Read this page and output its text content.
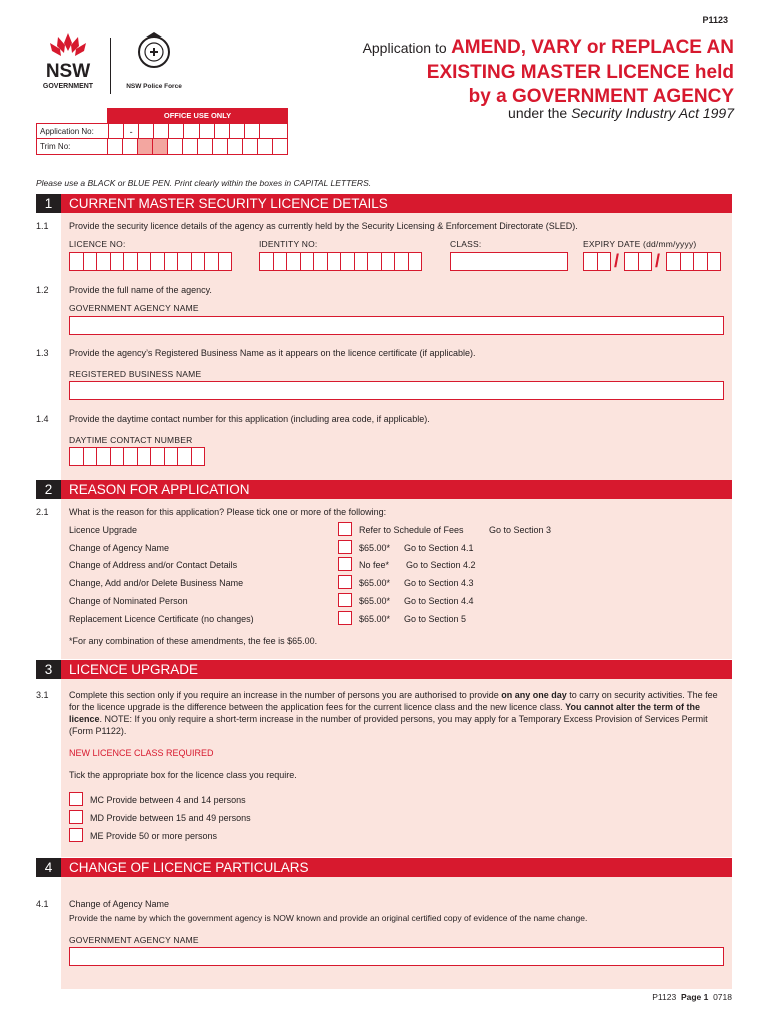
P1123
NSW
GOVERNMENT	NSW Police Force
Application to AMEND, VARY or REPLACE AN
EXISTING MASTER LICENCE held
by a GOVERNMENT AGENCY
under the Security Industry Act 1997
OFFICE USE ONLY
Application No:	-
Trim No:
Please use a BLACK or BLUE PEN. Print clearly within the boxes in CAPITAL LETTERS.
1 CURRENT MASTER SECURITY LICENCE DETAILS
1.1	Provide the security licence details of the agency as currently held by the Security Licensing & Enforcement Directorate (SLED).
LICENCE NO:	IDENTITY NO:	CLASS:	EXPIRY DATE (dd/mm/yyyy)
/ /
1.2	Provide the full name of the agency.
GOVERNMENT AGENCY NAME
1.3	Provide the agency’s Registered Business Name as it appears on the licence certificate (if applicable).
REGISTERED BUSINESS NAME
1.4	Provide the daytime contact number for this application (including area code, if applicable).
DAYTIME CONTACT NUMBER
2 REASON FOR APPLICATION
2.1	What is the reason for this application? Please tick one or more of the following:
Licence Upgrade	Refer to Schedule of Fees	Go to Section 3
Change of Agency Name	$65.00* Go to Section 4.1
Change of Address and/or Contact Details	No fee* Go to Section 4.2
Change, Add and/or Delete Business Name	$65.00* Go to Section 4.3
Change of Nominated Person	$65.00* Go to Section 4.4
Replacement Licence Certificate (no changes)	$65.00* Go to Section 5
*For any combination of these amendments, the fee is $65.00.
3 LICENCE UPGRADE
3.1	Complete this section only if you require an increase in the number of persons you are authorised to provide on any one day to carry on security activities. The fee for the licence upgrade is the difference between the application fees for the current licence class and the new licence class. You cannot alter the term of the licence. NOTE: If you only require a short-term increase in the number of provided persons, you may apply for a Temporary Excess Provision of Services Permit (Form P1122).
NEW LICENCE CLASS REQUIRED
Tick the appropriate box for the licence class you require.
MC Provide between 4 and 14 persons
MD Provide between 15 and 49 persons
ME Provide 50 or more persons
4 CHANGE OF LICENCE PARTICULARS
4.1	Change of Agency Name
Provide the name by which the government agency is NOW known and provide an original certified copy of evidence of the name change.
GOVERNMENT AGENCY NAME
P1123 Page 1 0718
